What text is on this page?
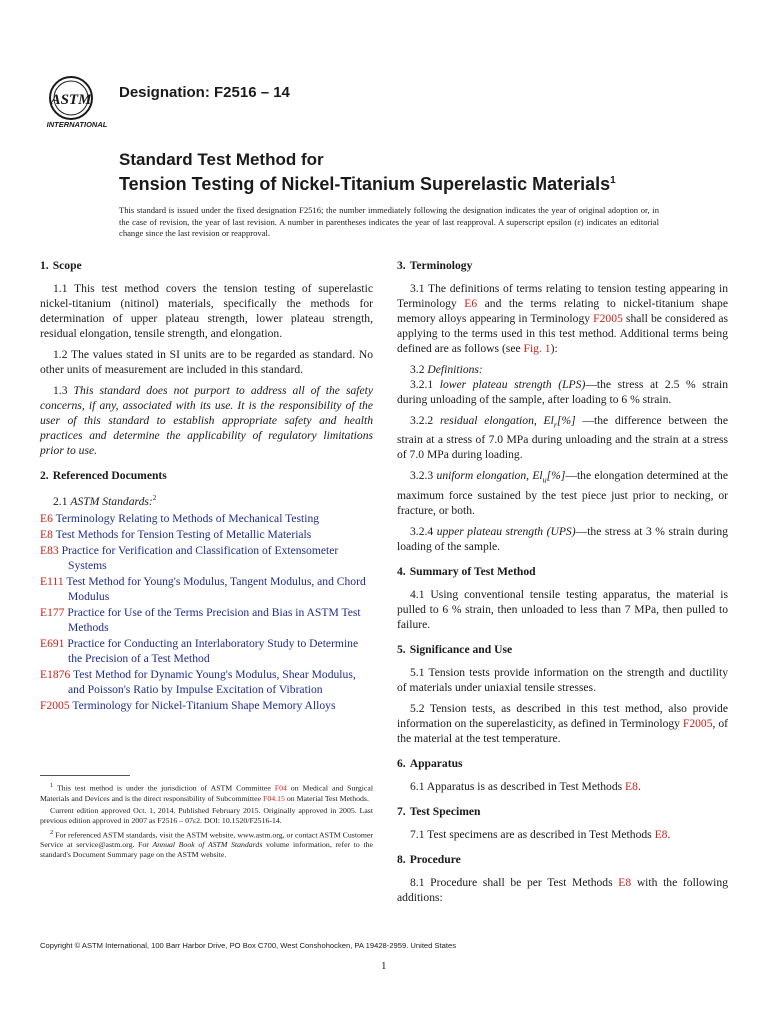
ASTM
INTERNATIONAL
Designation: F2516 – 14
Standard Test Method for
Tension Testing of Nickel-Titanium Superelastic Materials$^1$
This standard is issued under the fixed designation F2516; the number immediately following the designation indicates the year of original adoption or, in the case of revision, the year of last revision. A number in parentheses indicates the year of last reapproval. A superscript epsilon (ε) indicates an editorial change since the last revision or reapproval.
1. Scope

1.1 This test method covers the tension testing of superelastic nickel-titanium (nitinol) materials, specifically the methods for determination of upper plateau strength, lower plateau strength, residual elongation, tensile strength, and elongation.

1.2 The values stated in SI units are to be regarded as standard. No other units of measurement are included in this standard.

1.3 This standard does not purport to address all of the safety concerns, if any, associated with its use. It is the responsibility of the user of this standard to establish appropriate safety and health practices and determine the applicability of regulatory limitations prior to use.

2. Referenced Documents
2.1 ASTM Standards:$^2$
E6 Terminology Relating to Methods of Mechanical Testing
E8 Test Methods for Tension Testing of Metallic Materials
E83 Practice for Verification and Classification of Extensometer Systems
E111 Test Method for Young's Modulus, Tangent Modulus, and Chord Modulus
E177 Practice for Use of the Terms Precision and Bias in ASTM Test Methods
E691 Practice for Conducting an Interlaboratory Study to Determine the Precision of a Test Method
E1876 Test Method for Dynamic Young's Modulus, Shear Modulus, and Poisson's Ratio by Impulse Excitation of Vibration
F2005 Terminology for Nickel-Titanium Shape Memory Alloys

$^1$ This test method is under the jurisdiction of ASTM Committee F04 on Medical and Surgical Materials and Devices and is the direct responsibility of Subcommittee F04.15 on Material Test Methods.

Current edition approved Oct. 1, 2014. Published February 2015. Originally approved in 2005. Last previous edition approved in 2007 as F2516 – 07ε2. DOI: 10.1520/F2516-14.

$^2$ For referenced ASTM standards, visit the ASTM website, www.astm.org, or contact ASTM Customer Service at service@astm.org. For Annual Book of ASTM Standards volume information, refer to the standard's Document Summary page on the ASTM website.

3. Terminology

3.1 The definitions of terms relating to tension testing appearing in Terminology E6 and the terms relating to nickel-titanium shape memory alloys appearing in Terminology F2005 shall be considered as applying to the terms used in this test method. Additional terms being defined are as follows (see Fig. 1):

3.2 Definitions:

3.2.1 lower plateau strength (LPS)—the stress at 2.5 % strain during unloading of the sample, after loading to 6 % strain.

3.2.2 residual elongation, $El_r[\%]$ —the difference between the strain at a stress of 7.0 MPa during unloading and the strain at a stress of 7.0 MPa during loading.

3.2.3 uniform elongation, $El_u[\%]—the$ elongation determined at the maximum force sustained by the test piece just prior to necking, or fracture, or both.

3.2.4 upper plateau strength (UPS)—the stress at 3 % strain during loading of the sample.

4. Summary of Test Method

4.1 Using conventional tensile testing apparatus, the material is pulled to 6 % strain, then unloaded to less than 7 MPa, then pulled to failure.

5. Significance and Use

5.1 Tension tests provide information on the strength and ductility of materials under uniaxial tensile stresses.

5.2 Tension tests, as described in this test method, also provide information on the superelasticity, as defined in Terminology F2005, of the material at the test temperature.

6. Apparatus

6.1 Apparatus is as described in Test Methods E8.

7. Test Specimen

7.1 Test specimens are as described in Test Methods E8.

8. Procedure

8.1 Procedure shall be per Test Methods E8 with the following additions:

Copyright © ASTM International, 100 Barr Harbor Drive, PO Box C700, West Conshohocken, PA 19428-2959. United States
1
